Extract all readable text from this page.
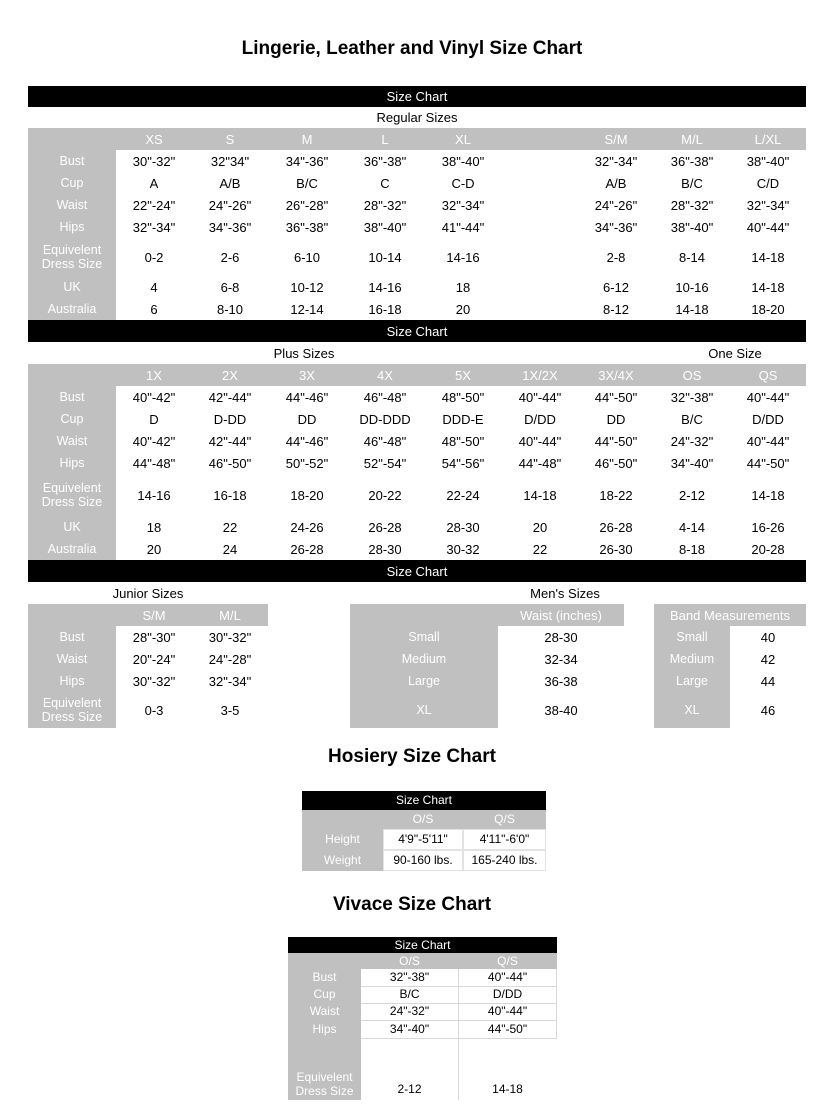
Lingerie, Leather and Vinyl Size Chart
Hosiery Size Chart
Vivace Size Chart
Size Chart
Regular Sizes
XS	S	M	L	XL	S/M	M/L	L/XL
Bust	30"-32"	32"34"	34"-36"	36"-38"	38"-40"	32"-34"	36"-38"	38"-40"
Cup	A	A/B	B/C	C	C-D	A/B	B/C	C/D
Waist	22"-24"	24"-26"	26"-28"	28"-32"	32"-34"	24"-26"	28"-32"	32"-34"
Hips	32"-34"	34"-36"	36"-38"	38"-40"	41"-44"	34"-36"	38"-40"	40"-44"
Equivelent Dress Size	0-2	2-6	6-10	10-14	14-16	2-8	8-14	14-18
UK	4	6-8	10-12	14-16	18	6-12	10-16	14-18
Australia	6	8-10	12-14	16-18	20	8-12	14-18	18-20
Size Chart
Plus Sizes	One Size
1X	2X	3X	4X	5X	1X/2X	3X/4X	OS	QS
Bust	40"-42"	42"-44"	44"-46"	46"-48"	48"-50"	40"-44"	44"-50"	32"-38"	40"-44"
Cup	D	D-DD	DD	DD-DDD	DDD-E	D/DD	DD	B/C	D/DD
Waist	40"-42"	42"-44"	44"-46"	46"-48"	48"-50"	40"-44"	44"-50"	24"-32"	40"-44"
Hips	44"-48"	46"-50"	50"-52"	52"-54"	54"-56"	44"-48"	46"-50"	34"-40"	44"-50"
Equivelent Dress Size	14-16	16-18	18-20	20-22	22-24	14-18	18-22	2-12	14-18
UK	18	22	24-26	26-28	28-30	20	26-28	4-14	16-26
Australia	20	24	26-28	28-30	30-32	22	26-30	8-18	20-28
Size Chart
Junior Sizes	Men's Sizes
S/M	M/L
Bust	28"-30"	30"-32"
Waist	20"-24"	24"-28"
Hips	30"-32"	32"-34"
Equivelent Dress Size	0-3	3-5
Waist (inches)	Band Measurements
Small	28-30	Small	40
Medium	32-34	Medium	42
Large	36-38	Large	44
XL	38-40	XL	46
Size Chart
O/S	Q/S
Height	4'9"-5'11"	4'11"-6'0"
Weight	90-160 lbs.	165-240 lbs.
Size Chart
O/S	Q/S
Bust	32"-38"	40"-44"
Cup	B/C	D/DD
Waist	24"-32"	40"-44"
Hips	34"-40"	44"-50"
Equivelent Dress Size	2-12	14-18
